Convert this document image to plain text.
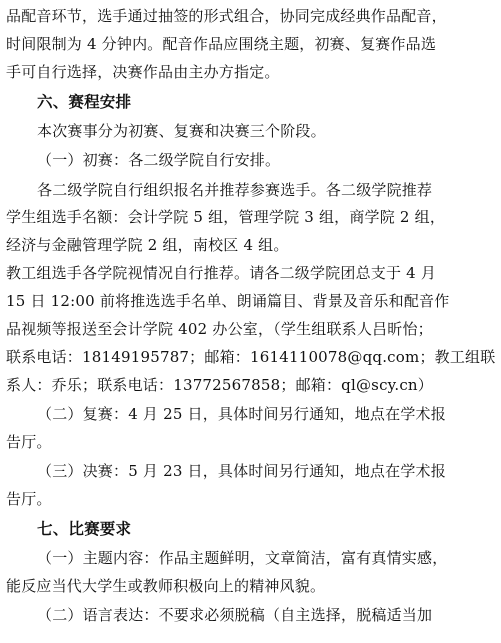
品配音环节，选手通过抽签的形式组合，协同完成经典作品配音，
时间限制为 4 分钟内。配音作品应围绕主题，初赛、复赛作品选
手可自行选择，决赛作品由主办方指定。
六、赛程安排
本次赛事分为初赛、复赛和决赛三个阶段。
（一）初赛：各二级学院自行安排。
各二级学院自行组织报名并推荐参赛选手。各二级学院推荐
学生组选手名额：会计学院 5 组，管理学院 3 组，商学院 2 组，
经济与金融管理学院 2 组，南校区 4 组。
教工组选手各学院视情况自行推荐。请各二级学院团总支于 4 月
15 日 12:00 前将推选选手名单、朗诵篇目、背景及音乐和配音作
品视频等报送至会计学院 402 办公室，（学生组联系人吕昕怡；
联系电话：18149195787；邮箱：1614110078@qq.com；教工组联
系人：乔乐；联系电话：13772567858；邮箱：ql@scy.cn）
（二）复赛：4 月 25 日，具体时间另行通知，地点在学术报
告厅。
（三）决赛：5 月 23 日，具体时间另行通知，地点在学术报
告厅。
七、比赛要求
（一）主题内容：作品主题鲜明，文章简洁，富有真情实感，
能反应当代大学生或教师积极向上的精神风貌。
（二）语言表达：不要求必须脱稿（自主选择，脱稿适当加
